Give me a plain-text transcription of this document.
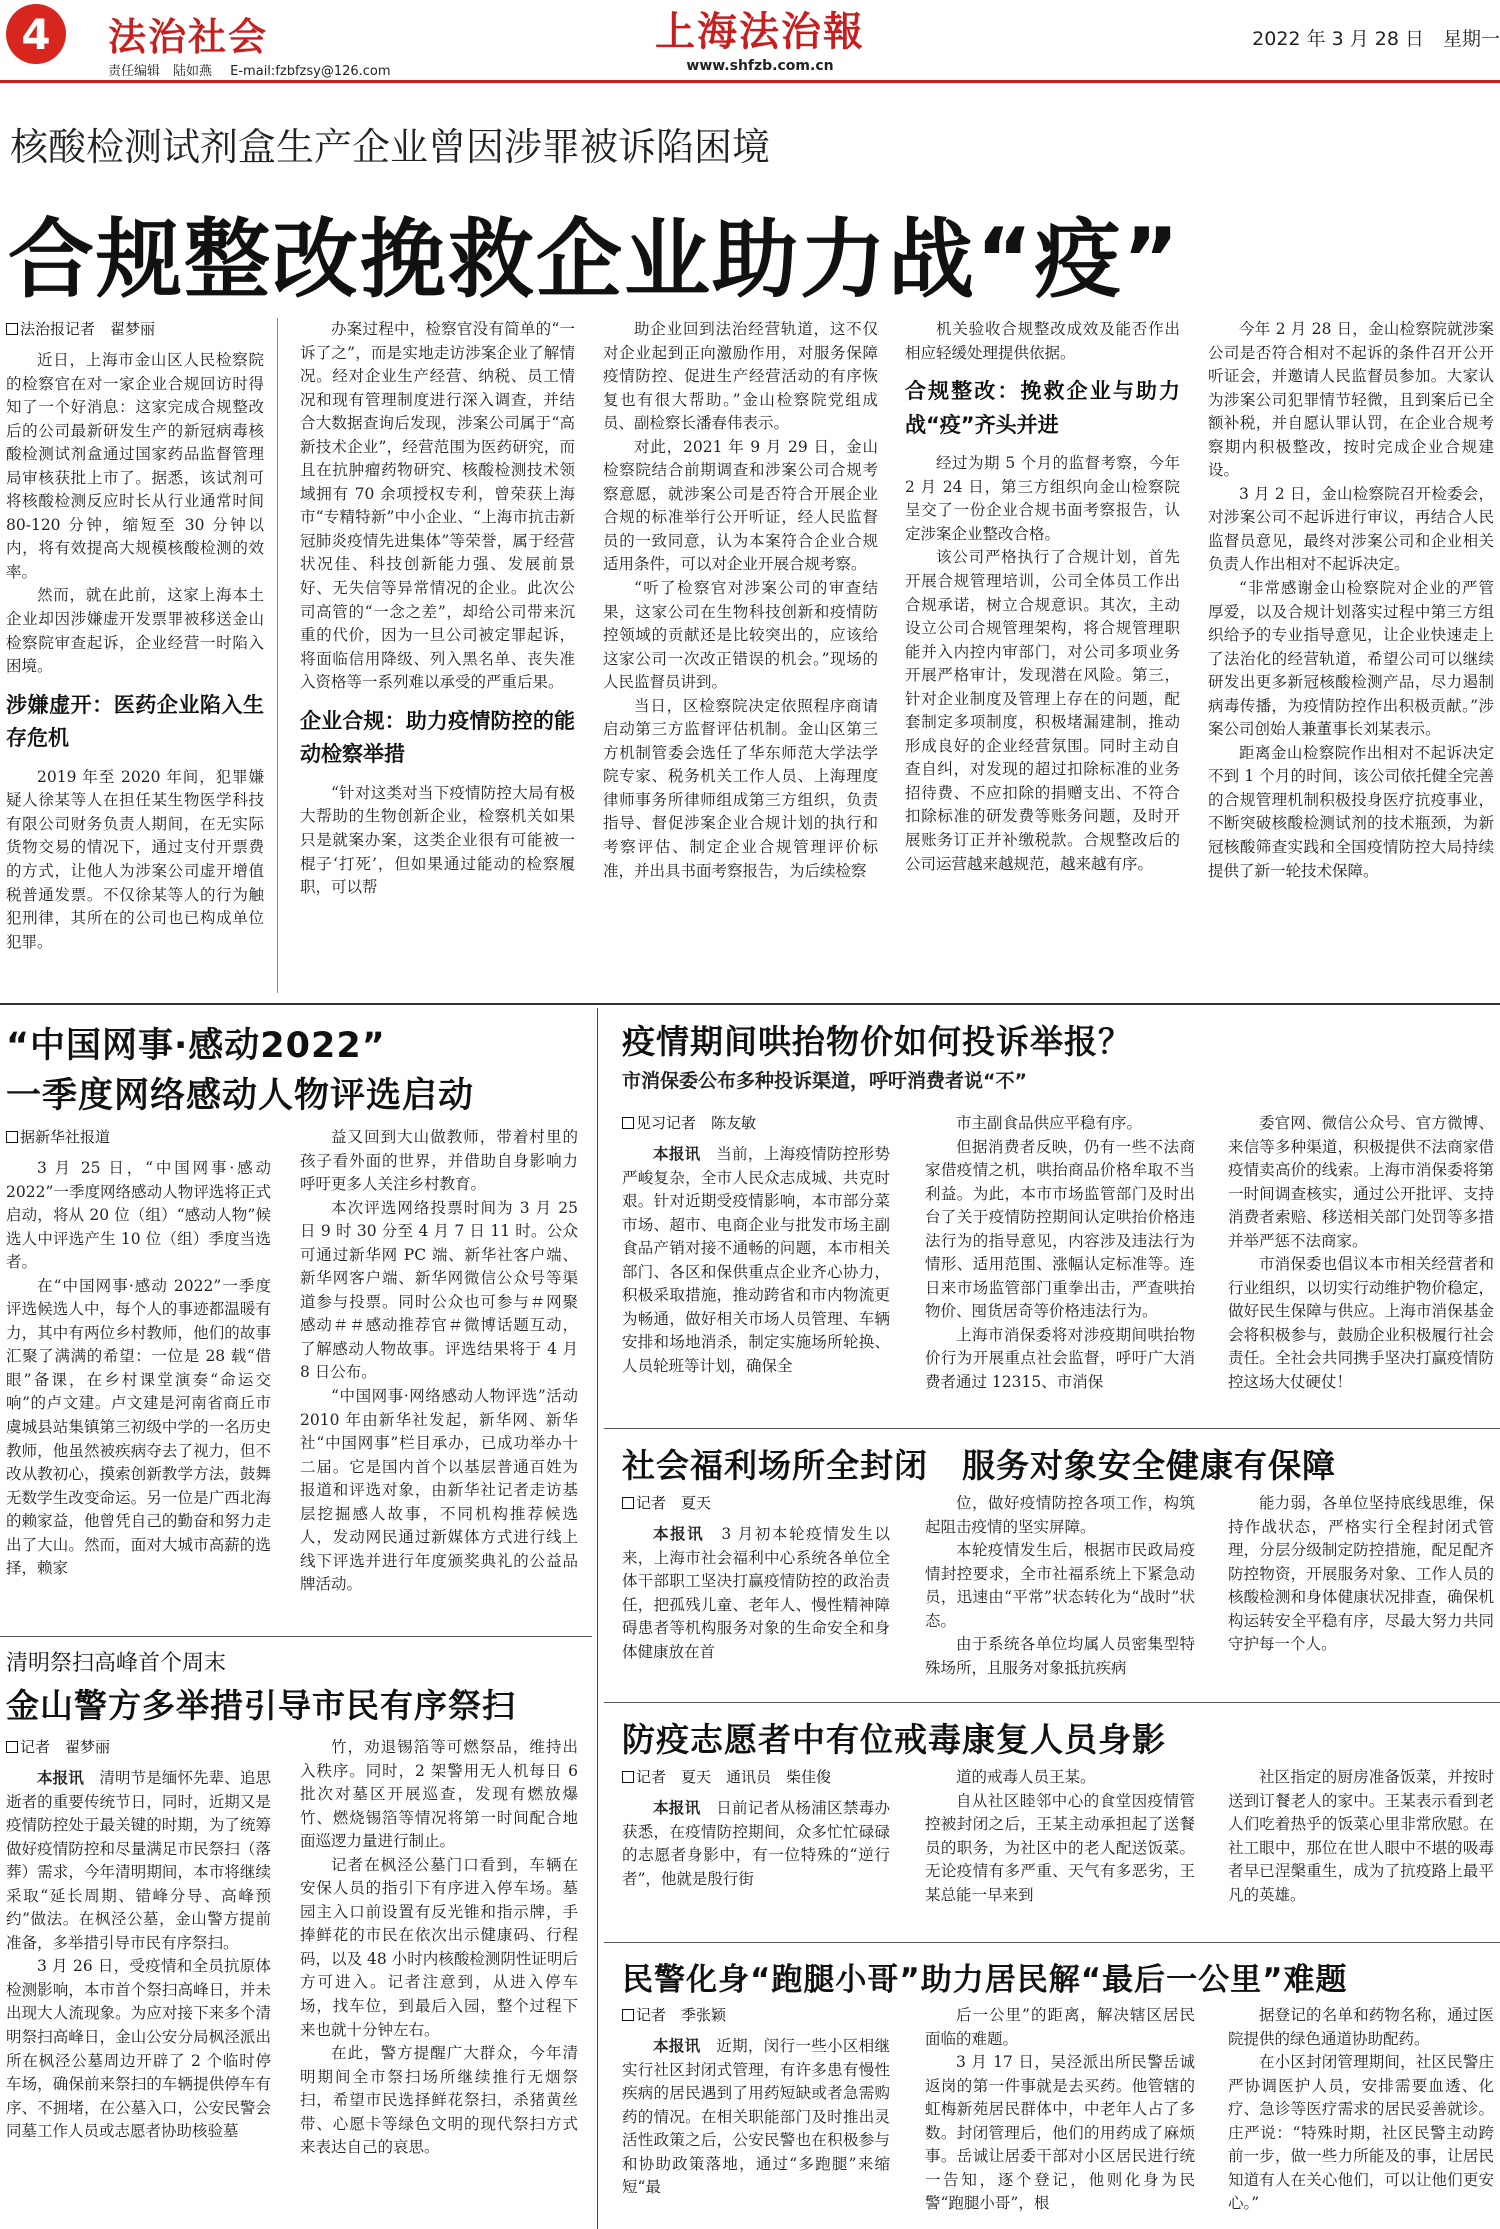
4	法治社会
责任编辑　陆如燕 E-mail:fzbfzsy@126.com
上海法治報
www.shfzb.com.cn
2022 年 3 月 28 日　星期一
核酸检测试剂盒生产企业曾因涉罪被诉陷困境
合规整改挽救企业助力战“疫”
法治报记者　翟梦丽

近日，上海市金山区人民检察院的检察官在对一家企业合规回访时得知了一个好消息：这家完成合规整改后的公司最新研发生产的新冠病毒核酸检测试剂盒通过国家药品监督管理局审核获批上市了。据悉，该试剂可将核酸检测反应时长从行业通常时间 80-120 分钟，缩短至 30 分钟以内，将有效提高大规模核酸检测的效率。

然而，就在此前，这家上海本土企业却因涉嫌虚开发票罪被移送金山检察院审查起诉，企业经营一时陷入困境。

涉嫌虚开：医药企业陷入生存危机

2019 年至 2020 年间，犯罪嫌疑人徐某等人在担任某生物医学科技有限公司财务负责人期间，在无实际货物交易的情况下，通过支付开票费的方式，让他人为涉案公司虚开增值税普通发票。不仅徐某等人的行为触犯刑律，其所在的公司也已构成单位犯罪。

办案过程中，检察官没有简单的“一诉了之”，而是实地走访涉案企业了解情况。经对企业生产经营、纳税、员工情况和现有管理制度进行深入调查，并结合大数据查询后发现，涉案公司属于“高新技术企业”，经营范围为医药研究，而且在抗肿瘤药物研究、核酸检测技术领域拥有 70 余项授权专利，曾荣获上海市“专精特新”中小企业、“上海市抗击新冠肺炎疫情先进集体”等荣誉，属于经营状况佳、科技创新能力强、发展前景好、无失信等异常情况的企业。此次公司高管的“一念之差”，却给公司带来沉重的代价，因为一旦公司被定罪起诉，将面临信用降级、列入黑名单、丧失准入资格等一系列难以承受的严重后果。

企业合规：助力疫情防控的能动检察举措

“针对这类对当下疫情防控大局有极大帮助的生物创新企业，检察机关如果只是就案办案，这类企业很有可能被一棍子‘打死’，但如果通过能动的检察履职，可以帮

助企业回到法治经营轨道，这不仅对企业起到正向激励作用，对服务保障疫情防控、促进生产经营活动的有序恢复也有很大帮助。”金山检察院党组成员、副检察长潘春伟表示。

对此，2021 年 9 月 29 日，金山检察院结合前期调查和涉案公司合规考察意愿，就涉案公司是否符合开展企业合规的标准举行公开听证，经人民监督员的一致同意，认为本案符合企业合规适用条件，可以对企业开展合规考察。

“听了检察官对涉案公司的审查结果，这家公司在生物科技创新和疫情防控领域的贡献还是比较突出的，应该给这家公司一次改正错误的机会。”现场的人民监督员讲到。

当日，区检察院决定依照程序商请启动第三方监督评估机制。金山区第三方机制管委会选任了华东师范大学法学院专家、税务机关工作人员、上海理度律师事务所律师组成第三方组织，负责指导、督促涉案企业合规计划的执行和考察评估、制定企业合规管理评价标准，并出具书面考察报告，为后续检察

机关验收合规整改成效及能否作出相应轻缓处理提供依据。

合规整改：挽救企业与助力战“疫”齐头并进

经过为期 5 个月的监督考察，今年 2 月 24 日，第三方组织向金山检察院呈交了一份企业合规书面考察报告，认定涉案企业整改合格。

该公司严格执行了合规计划，首先开展合规管理培训，公司全体员工作出合规承诺，树立合规意识。其次，主动设立公司合规管理架构，将合规管理职能并入内控内审部门，对公司多项业务开展严格审计，发现潜在风险。第三，针对企业制度及管理上存在的问题，配套制定多项制度，积极堵漏建制，推动形成良好的企业经营氛围。同时主动自查自纠，对发现的超过扣除标准的业务招待费、不应扣除的捐赠支出、不符合扣除标准的研发费等账务问题，及时开展账务订正并补缴税款。合规整改后的公司运营越来越规范，越来越有序。

今年 2 月 28 日，金山检察院就涉案公司是否符合相对不起诉的条件召开公开听证会，并邀请人民监督员参加。大家认为涉案公司犯罪情节轻微，且到案后已全额补税，并自愿认罪认罚，在企业合规考察期内积极整改，按时完成企业合规建设。

3 月 2 日，金山检察院召开检委会，对涉案公司不起诉进行审议，再结合人民监督员意见，最终对涉案公司和企业相关负责人作出相对不起诉决定。

“非常感谢金山检察院对企业的严管厚爱，以及合规计划落实过程中第三方组织给予的专业指导意见，让企业快速走上了法治化的经营轨道，希望公司可以继续研发出更多新冠核酸检测产品，尽力遏制病毒传播，为疫情防控作出积极贡献。”涉案公司创始人兼董事长刘某表示。

距离金山检察院作出相对不起诉决定不到 1 个月的时间，该公司依托健全完善的合规管理机制积极投身医疗抗疫事业，不断突破核酸检测试剂的技术瓶颈，为新冠核酸筛查实践和全国疫情防控大局持续提供了新一轮技术保障。

“中国网事·感动2022”
一季度网络感动人物评选启动
据新华社报道

3 月 25 日，“中国网事·感动 2022”一季度网络感动人物评选将正式启动，将从 20 位（组）“感动人物”候选人中评选产生 10 位（组）季度当选者。

在“中国网事·感动 2022”一季度评选候选人中，每个人的事迹都温暖有力，其中有两位乡村教师，他们的故事汇聚了满满的希望：一位是 28 载“借眼”备课，在乡村课堂演奏“命运交响”的卢文建。卢文建是河南省商丘市虞城县站集镇第三初级中学的一名历史教师，他虽然被疾病夺去了视力，但不改从教初心，摸索创新教学方法，鼓舞无数学生改变命运。另一位是广西北海的赖家益，他曾凭自己的勤奋和努力走出了大山。然而，面对大城市高薪的选择，赖家

益又回到大山做教师，带着村里的孩子看外面的世界，并借助自身影响力呼吁更多人关注乡村教育。

本次评选网络投票时间为 3 月 25 日 9 时 30 分至 4 月 7 日 11 时。公众可通过新华网 PC 端、新华社客户端、新华网客户端、新华网微信公众号等渠道参与投票。同时公众也可参与＃网聚感动＃＃感动推荐官＃微博话题互动，了解感动人物故事。评选结果将于 4 月 8 日公布。

“中国网事·网络感动人物评选”活动 2010 年由新华社发起，新华网、新华社“中国网事”栏目承办，已成功举办十二届。它是国内首个以基层普通百姓为报道和评选对象，由新华社记者走访基层挖掘感人故事，不同机构推荐候选人，发动网民通过新媒体方式进行线上线下评选并进行年度颁奖典礼的公益品牌活动。

清明祭扫高峰首个周末
金山警方多举措引导市民有序祭扫
记者　翟梦丽

本报讯　 清明节是缅怀先辈、追思逝者的重要传统节日，同时，近期又是疫情防控处于最关键的时期，为了统筹做好疫情防控和尽量满足市民祭扫（落葬）需求，今年清明期间，本市将继续采取“延长周期、错峰分导、高峰预约”做法。在枫泾公墓，金山警方提前准备，多举措引导市民有序祭扫。

3 月 26 日，受疫情和全员抗原体检测影响，本市首个祭扫高峰日，并未出现大人流现象。为应对接下来多个清明祭扫高峰日，金山公安分局枫泾派出所在枫泾公墓周边开辟了 2 个临时停车场，确保前来祭扫的车辆提供停车有序、不拥堵，在公墓入口，公安民警会同墓工作人员或志愿者协助核验墓

竹，劝退锡箔等可燃祭品，维持出入秩序。同时，2 架警用无人机每日 6 批次对墓区开展巡查，发现有燃放爆竹、燃烧锡箔等情况将第一时间配合地面巡逻力量进行制止。

记者在枫泾公墓门口看到，车辆在安保人员的指引下有序进入停车场。墓园主入口前设置有反光锥和指示牌，手捧鲜花的市民在依次出示健康码、行程码，以及 48 小时内核酸检测阴性证明后方可进入。记者注意到，从进入停车场，找车位，到最后入园，整个过程下来也就十分钟左右。

在此，警方提醒广大群众，今年清明期间全市祭扫场所继续推行无烟祭扫，希望市民选择鲜花祭扫，杀猪黄丝带、心愿卡等绿色文明的现代祭扫方式来表达自己的哀思。

疫情期间哄抬物价如何投诉举报？
市消保委公布多种投诉渠道，呼吁消费者说“不”
见习记者　陈友敏

本报讯　 当前，上海疫情防控形势严峻复杂，全市人民众志成城、共克时艰。针对近期受疫情影响，本市部分菜市场、超市、电商企业与批发市场主副食品产销对接不通畅的问题，本市相关部门、各区和保供重点企业齐心协力，积极采取措施，推动跨省和市内物流更为畅通，做好相关市场人员管理、车辆安排和场地消杀，制定实施场所轮换、人员轮班等计划，确保全

市主副食品供应平稳有序。

但据消费者反映，仍有一些不法商家借疫情之机，哄抬商品价格牟取不当利益。为此，本市市场监管部门及时出台了关于疫情防控期间认定哄抬价格违法行为的指导意见，内容涉及违法行为情形、适用范围、涨幅认定标准等。连日来市场监管部门重拳出击，严查哄抬物价、囤货居奇等价格违法行为。

上海市消保委将对涉疫期间哄抬物价行为开展重点社会监督，呼吁广大消费者通过 12315、市消保

委官网、微信公众号、官方微博、来信等多种渠道，积极提供不法商家借疫情卖高价的线索。上海市消保委将第一时间调查核实，通过公开批评、支持消费者索赔、移送相关部门处罚等多措并举严惩不法商家。

市消保委也倡议本市相关经营者和行业组织，以切实行动维护物价稳定，做好民生保障与供应。上海市消保基金会将积极参与，鼓励企业积极履行社会责任。全社会共同携手坚决打赢疫情防控这场大仗硬仗！

社会福利场所全封闭　服务对象安全健康有保障
记者　夏天

本报讯　 3 月初本轮疫情发生以来，上海市社会福利中心系统各单位全体干部职工坚决打赢疫情防控的政治责任，把孤残儿童、老年人、慢性精神障碍患者等机构服务对象的生命安全和身体健康放在首

位，做好疫情防控各项工作，构筑起阻击疫情的坚实屏障。

本轮疫情发生后，根据市民政局疫情封控要求，全市社福系统上下紧急动员，迅速由“平常”状态转化为“战时”状态。

由于系统各单位均属人员密集型特殊场所，且服务对象抵抗疾病

能力弱，各单位坚持底线思维，保持作战状态，严格实行全程封闭式管理，分层分级制定防控措施，配足配齐防控物资，开展服务对象、工作人员的核酸检测和身体健康状况排查，确保机构运转安全平稳有序，尽最大努力共同守护每一个人。

防疫志愿者中有位戒毒康复人员身影
记者　夏天　通讯员　柴佳俊

本报讯　 日前记者从杨浦区禁毒办获悉，在疫情防控期间，众多忙忙碌碌的志愿者身影中，有一位特殊的“逆行者”，他就是殷行街

道的戒毒人员王某。

自从社区睦邻中心的食堂因疫情管控被封闭之后，王某主动承担起了送餐员的职务，为社区中的老人配送饭菜。无论疫情有多严重、天气有多恶劣，王某总能一早来到

社区指定的厨房准备饭菜，并按时送到订餐老人的家中。王某表示看到老人们吃着热乎的饭菜心里非常欣慰。在社工眼中，那位在世人眼中不堪的吸毒者早已涅槃重生，成为了抗疫路上最平凡的英雄。

民警化身“跑腿小哥”助力居民解“最后一公里”难题
记者　季张颖

本报讯　 近期，闵行一些小区相继实行社区封闭式管理，有许多患有慢性疾病的居民遇到了用药短缺或者急需购药的情况。在相关职能部门及时推出灵活性政策之后，公安民警也在积极参与和协助政策落地，通过“多跑腿”来缩短“最

后一公里”的距离，解决辖区居民面临的难题。

3 月 17 日，吴泾派出所民警岳诚返岗的第一件事就是去买药。他管辖的虹梅新苑居民群体中，中老年人占了多数。封闭管理后，他们的用药成了麻烦事。岳诚让居委干部对小区居民进行统一告知，逐个登记，他则化身为民警“跑腿小哥”，根

据登记的名单和药物名称，通过医院提供的绿色通道协助配药。

在小区封闭管理期间，社区民警庄严协调医护人员，安排需要血透、化疗、急诊等医疗需求的居民妥善就诊。庄严说：“特殊时期，社区民警主动跨前一步，做一些力所能及的事，让居民知道有人在关心他们，可以让他们更安心。”
